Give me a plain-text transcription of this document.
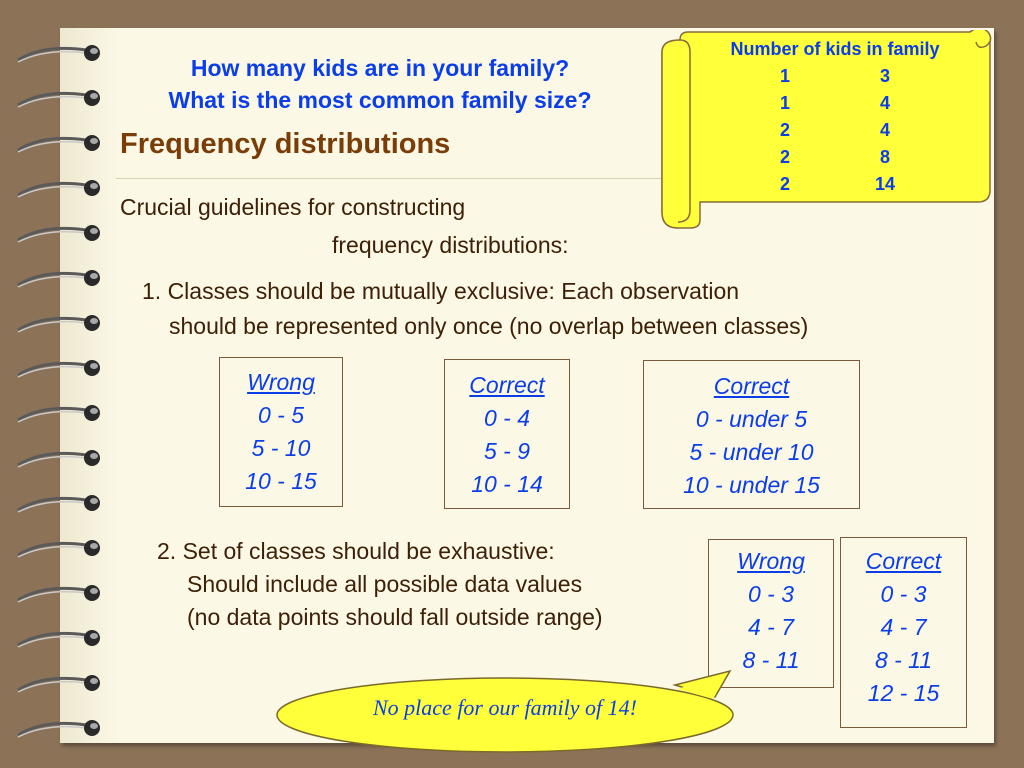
How many kids are in your family?
What is the most common family size?
Frequency distributions
Crucial guidelines for constructing
frequency distributions:
1. Classes should be mutually exclusive: Each observation
should be represented only once (no overlap between classes)
Wrong
0 - 5
5 - 10
10 - 15
Correct
0 - 4
5 - 9
10 - 14
Correct
0 - under 5
5 - under 10
10 - under 15
2. Set of classes should be exhaustive:
Should include all possible data values
(no data points should fall outside range)
Wrong
0 - 3
4 - 7
8 - 11
Correct
0 - 3
4 - 7
8 - 11
12 - 15
Number of kids in family
1	3
1	4
2	4
2	8
2	14
No place for our family of 14!
